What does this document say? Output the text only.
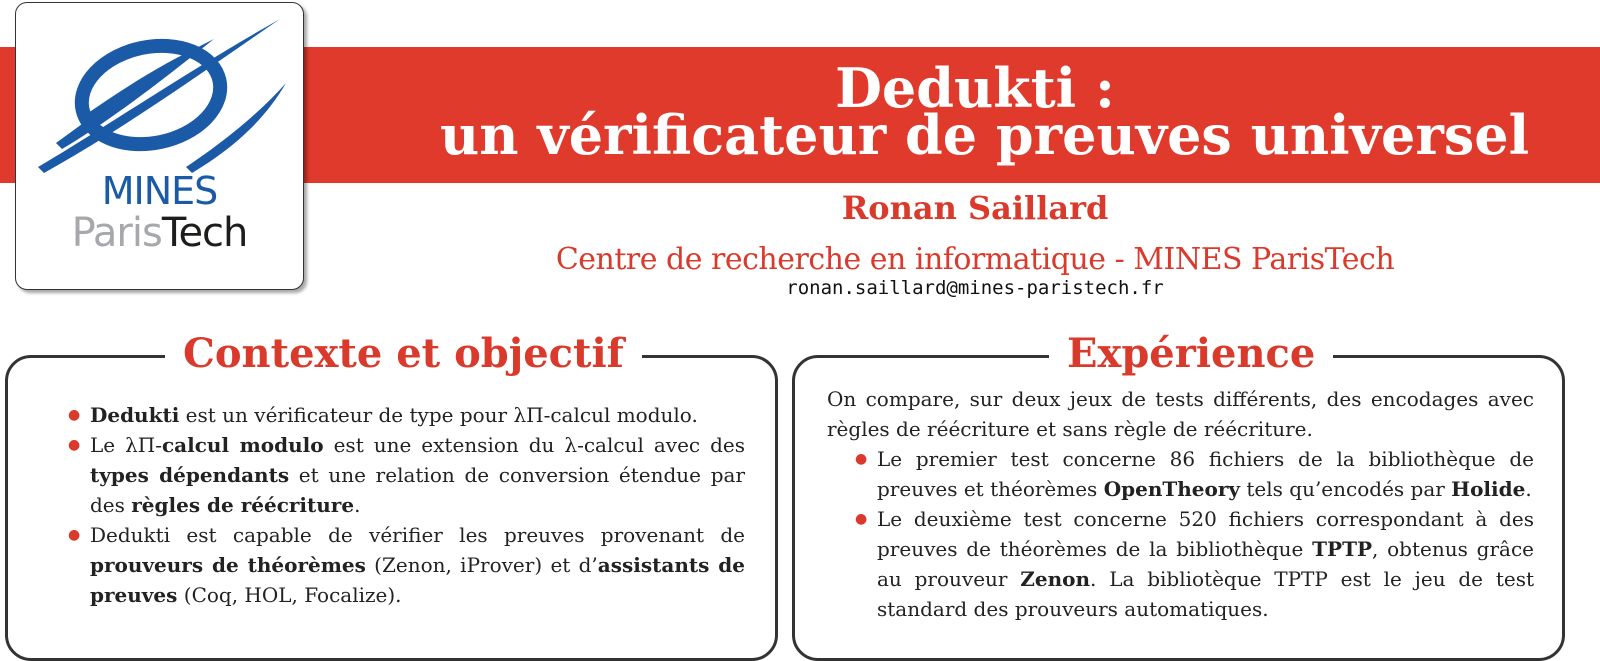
Dedukti :
un vérificateur de preuves universel
MINES
ParisTech
Ronan Saillard
Centre de recherche en informatique - MINES ParisTech
ronan.saillard@mines-paristech.fr
Contexte et objectif
● Dedukti est un vérificateur de type pour λΠ-calcul modulo.
● Le λΠ-calcul modulo est une extension du λ-calcul avec des types dépendants et une relation de conversion étendue par des règles de réécriture.
● Dedukti est capable de vérifier les preuves provenant de prouveurs de théorèmes (Zenon, iProver) et d’assistants de preuves (Coq, HOL, Focalize).
Expérience
On compare, sur deux jeux de tests différents, des encodages avec règles de réécriture et sans règle de réécriture.
● Le premier test concerne 86 fichiers de la bibliothèque de preuves et théorèmes OpenTheory tels qu’encodés par Holide.
● Le deuxième test concerne 520 fichiers correspondant à des preuves de théorèmes de la bibliothèque TPTP, obtenus grâce au prouveur Zenon. La bibliotèque TPTP est le jeu de test standard des prouveurs automatiques.
